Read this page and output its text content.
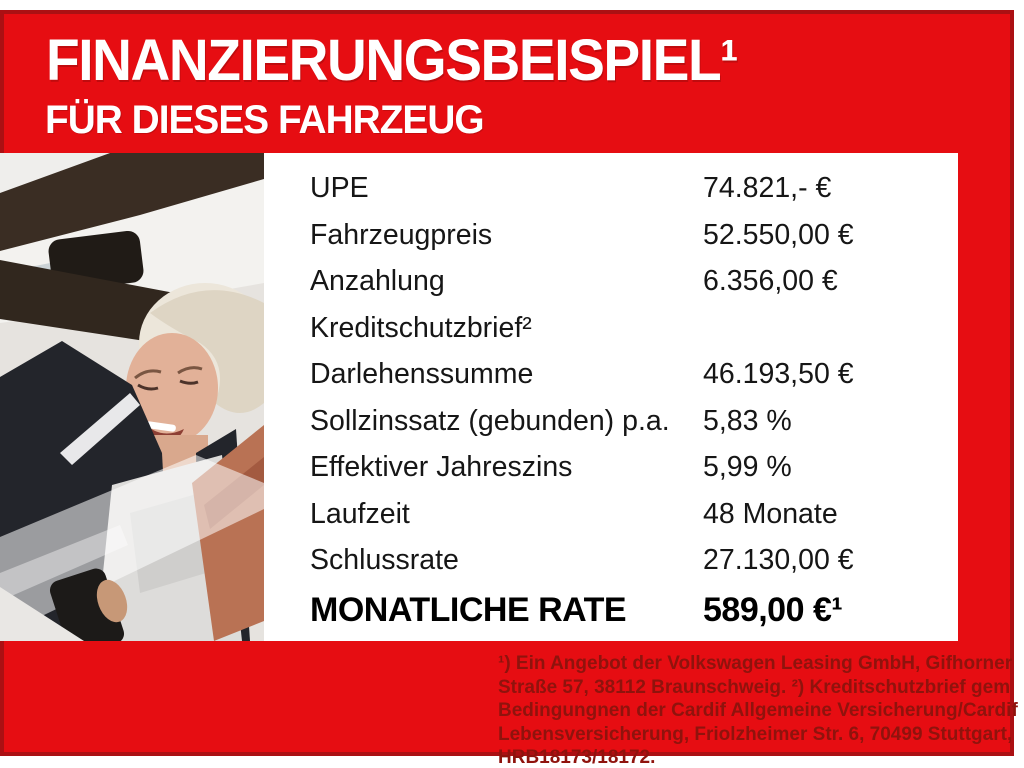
FINANZIERUNGSBEISPIEL¹
FÜR DIESES FAHRZEUG
UPE	74.821,- €
Fahrzeugpreis	52.550,00 €
Anzahlung	6.356,00 €
Kreditschutzbrief²
Darlehenssumme	46.193,50 €
Sollzinssatz (gebunden) p.a. 5,83 %
Effektiver Jahreszins	5,99 %
Laufzeit	48 Monate
Schlussrate	27.130,00 €
MONATLICHE RATE 589,00 €¹
¹) Ein Angebot der Volkswagen Leasing GmbH, Gifhorner
Straße 57, 38112 Braunschweig. ²) Kreditschutzbrief gem
Bedingungnen der Cardif Allgemeine Versicherung/Cardif
Lebensversicherung, Friolzheimer Str. 6, 70499 Stuttgart,
HRB18173/18172.
